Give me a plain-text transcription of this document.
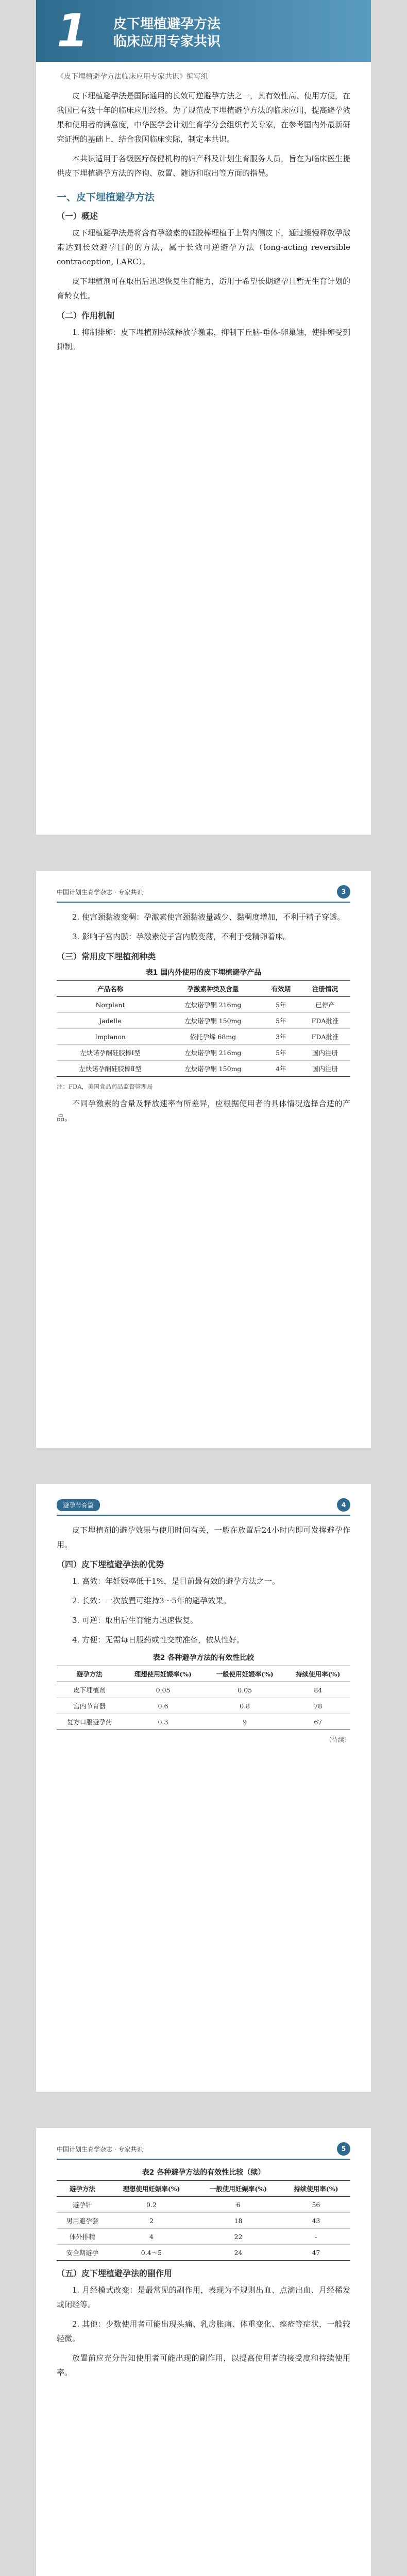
1 皮下埋植避孕方法
临床应用专家共识
《皮下埋植避孕方法临床应用专家共识》编写组

皮下埋植避孕法是国际通用的长效可逆避孕方法之一，其有效性高、使用方便，在我国已有数十年的临床应用经验。为了规范皮下埋植避孕方法的临床应用，提高避孕效果和使用者的满意度，中华医学会计划生育学分会组织有关专家，在参考国内外最新研究证据的基础上，结合我国临床实际，制定本共识。

本共识适用于各级医疗保健机构的妇产科及计划生育服务人员，旨在为临床医生提供皮下埋植避孕方法的咨询、放置、随访和取出等方面的指导。

一、皮下埋植避孕方法
（一）概述

皮下埋植避孕法是将含有孕激素的硅胶棒埋植于上臂内侧皮下，通过缓慢释放孕激素达到长效避孕目的的方法，属于长效可逆避孕方法（long-acting reversible contraception, LARC）。

皮下埋植剂可在取出后迅速恢复生育能力，适用于希望长期避孕且暂无生育计划的育龄女性。

（二）作用机制

1. 抑制排卵：皮下埋植剂持续释放孕激素，抑制下丘脑-垂体-卵巢轴，使排卵受到抑制。

中国计划生育学杂志 · 专家共识	3

2. 使宫颈黏液变稠：孕激素使宫颈黏液量减少、黏稠度增加，不利于精子穿透。

3. 影响子宫内膜：孕激素使子宫内膜变薄，不利于受精卵着床。

（三）常用皮下埋植剂种类
表1 国内外使用的皮下埋植避孕产品
产品名称	孕激素种类及含量	有效期	注册情况
Norplant	左炔诺孕酮 216mg	5年	已停产
Jadelle	左炔诺孕酮 150mg	5年	FDA批准
Implanon	依托孕烯 68mg	3年	FDA批准
左炔诺孕酮硅胶棒Ⅰ型	左炔诺孕酮 216mg	5年	国内注册
左炔诺孕酮硅胶棒Ⅱ型	左炔诺孕酮 150mg	4年	国内注册
注：FDA，美国食品药品监督管理局

不同孕激素的含量及释放速率有所差异，应根据使用者的具体情况选择合适的产品。

避孕节育篇	4

皮下埋植剂的避孕效果与使用时间有关，一般在放置后24小时内即可发挥避孕作用。

（四）皮下埋植避孕法的优势

1. 高效：年妊娠率低于1%，是目前最有效的避孕方法之一。

2. 长效：一次放置可维持3～5年的避孕效果。

3. 可逆：取出后生育能力迅速恢复。

4. 方便：无需每日服药或性交前准备，依从性好。

表2 各种避孕方法的有效性比较
避孕方法	理想使用妊娠率(%)	一般使用妊娠率(%)	持续使用率(%)
皮下埋植剂	0.05	0.05	84
宫内节育器	0.6	0.8	78
复方口服避孕药	0.3	9	67
（待续）
中国计划生育学杂志 · 专家共识	5
表2 各种避孕方法的有效性比较（续）
避孕方法	理想使用妊娠率(%)	一般使用妊娠率(%)	持续使用率(%)
避孕针	0.2	6	56
男用避孕套	2	18	43
体外排精	4	22	-
安全期避孕	0.4～5	24	47
（五）皮下埋植避孕法的副作用

1. 月经模式改变：是最常见的副作用，表现为不规则出血、点滴出血、月经稀发或闭经等。

2. 其他：少数使用者可能出现头痛、乳房胀痛、体重变化、痤疮等症状，一般较轻微。

放置前应充分告知使用者可能出现的副作用，以提高使用者的接受度和持续使用率。
